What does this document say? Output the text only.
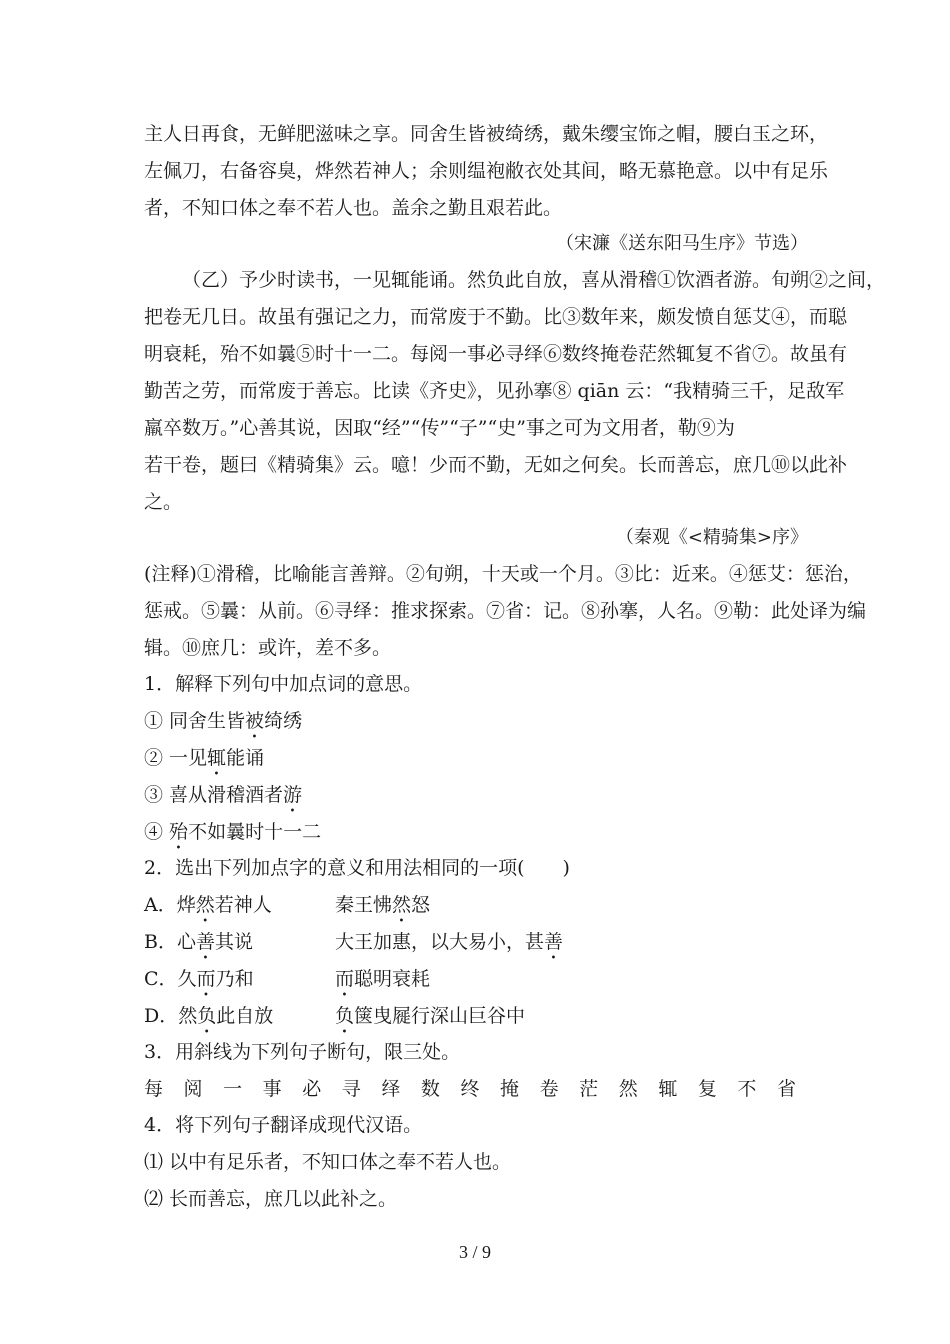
主人日再食，无鲜肥滋味之享。同舍生皆被绮绣，戴朱缨宝饰之帽，腰白玉之环，
左佩刀，右备容臭，烨然若神人；余则缊袍敝衣处其间，略无慕艳意。以中有足乐
者，不知口体之奉不若人也。盖余之勤且艰若此。
（宋濂《送东阳马生序》节选）
（乙）予少时读书，一见辄能诵。然负此自放，喜从滑稽①饮酒者游。旬朔②之间，
把卷无几日。故虽有强记之力，而常废于不勤。比③数年来，颇发愤自惩艾④，而聪
明衰耗，殆不如曩⑤时十一二。每阅一事必寻绎⑥数终掩卷茫然辄复不省⑦。故虽有
勤苦之劳，而常废于善忘。比读《齐史》，见孙搴⑧ qiān 云：“我精骑三千，足敌军
羸卒数万。”心善其说，因取“经”“传”“子”“史”事之可为文用者，勒⑨为
若干卷，题曰《精骑集》云。噫！少而不勤，无如之何矣。长而善忘，庶几⑩以此补
之。
（秦观《<精骑集>序》
(注释)①滑稽，比喻能言善辩。②旬朔，十天或一个月。③比：近来。④惩艾：惩治，
惩戒。⑤曩：从前。⑥寻绎：推求探索。⑦省：记。⑧孙搴，人名。⑨勒：此处译为编
辑。⑩庶几：或许，差不多。
1．解释下列句中加点词的意思。
① 同舍生皆被绮绣
② 一见辄能诵
③ 喜从滑稽酒者游
④ 殆不如曩时十一二
2．选出下列加点字的意义和用法相同的一项(　　)
A．烨然若神人	秦王怫然怒
B．心善其说	大王加惠，以大易小，甚善
C．久而乃和	而聪明衰耗
D．然负此自放	负箧曳屣行深山巨谷中
3．用斜线为下列句子断句，限三处。
每 阅 一 事 必 寻 绎 数 终 掩 卷 茫 然 辄 复 不 省
4．将下列句子翻译成现代汉语。
⑴ 以中有足乐者，不知口体之奉不若人也。
⑵ 长而善忘，庶几以此补之。
3 / 9
